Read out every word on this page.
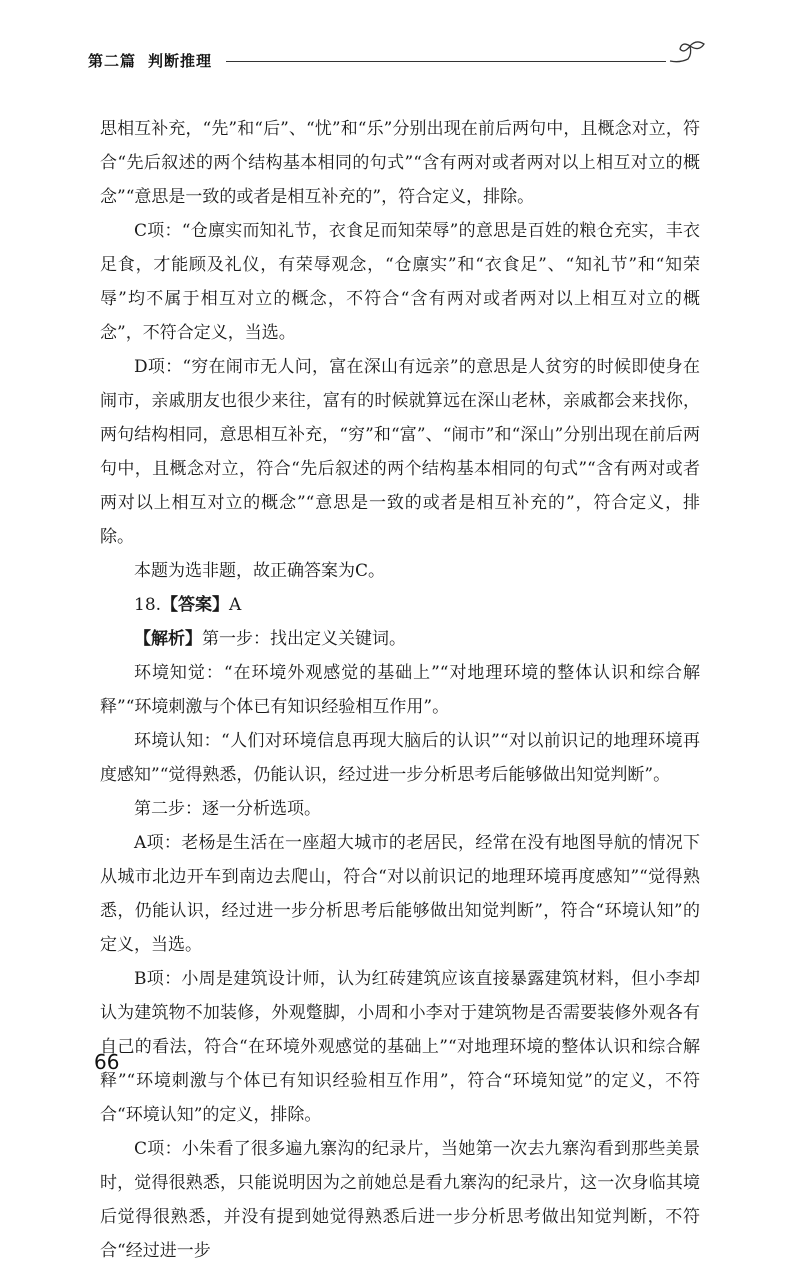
第二篇 判断推理

思相互补充，“先”和“后”、“忧”和“乐”分别出现在前后两句中，且概念对立，符合“先后叙述的两个结构基本相同的句式”“含有两对或者两对以上相互对立的概念”“意思是一致的或者是相互补充的”，符合定义，排除。

C项：“仓廪实而知礼节，衣食足而知荣辱”的意思是百姓的粮仓充实，丰衣足食，才能顾及礼仪，有荣辱观念，“仓廪实”和“衣食足”、“知礼节”和“知荣辱”均不属于相互对立的概念，不符合“含有两对或者两对以上相互对立的概念”，不符合定义，当选。

D项：“穷在闹市无人问，富在深山有远亲”的意思是人贫穷的时候即使身在闹市，亲戚朋友也很少来往，富有的时候就算远在深山老林，亲戚都会来找你，两句结构相同，意思相互补充，“穷”和“富”、“闹市”和“深山”分别出现在前后两句中，且概念对立，符合“先后叙述的两个结构基本相同的句式”“含有两对或者两对以上相互对立的概念”“意思是一致的或者是相互补充的”，符合定义，排除。

本题为选非题，故正确答案为C。

18.【答案】A

【解析】第一步：找出定义关键词。

环境知觉：“在环境外观感觉的基础上”“对地理环境的整体认识和综合解释”“环境刺激与个体已有知识经验相互作用”。

环境认知：“人们对环境信息再现大脑后的认识”“对以前识记的地理环境再度感知”“觉得熟悉，仍能认识，经过进一步分析思考后能够做出知觉判断”。

第二步：逐一分析选项。

A项：老杨是生活在一座超大城市的老居民，经常在没有地图导航的情况下从城市北边开车到南边去爬山，符合“对以前识记的地理环境再度感知”“觉得熟悉，仍能认识，经过进一步分析思考后能够做出知觉判断”，符合“环境认知”的定义，当选。

B项：小周是建筑设计师，认为红砖建筑应该直接暴露建筑材料，但小李却认为建筑物不加装修，外观蹩脚，小周和小李对于建筑物是否需要装修外观各有自己的看法，符合“在环境外观感觉的基础上”“对地理环境的整体认识和综合解释”“环境刺激与个体已有知识经验相互作用”，符合“环境知觉”的定义，不符合“环境认知”的定义，排除。

C项：小朱看了很多遍九寨沟的纪录片，当她第一次去九寨沟看到那些美景时，觉得很熟悉，只能说明因为之前她总是看九寨沟的纪录片，这一次身临其境后觉得很熟悉，并没有提到她觉得熟悉后进一步分析思考做出知觉判断，不符合“经过进一步

66
